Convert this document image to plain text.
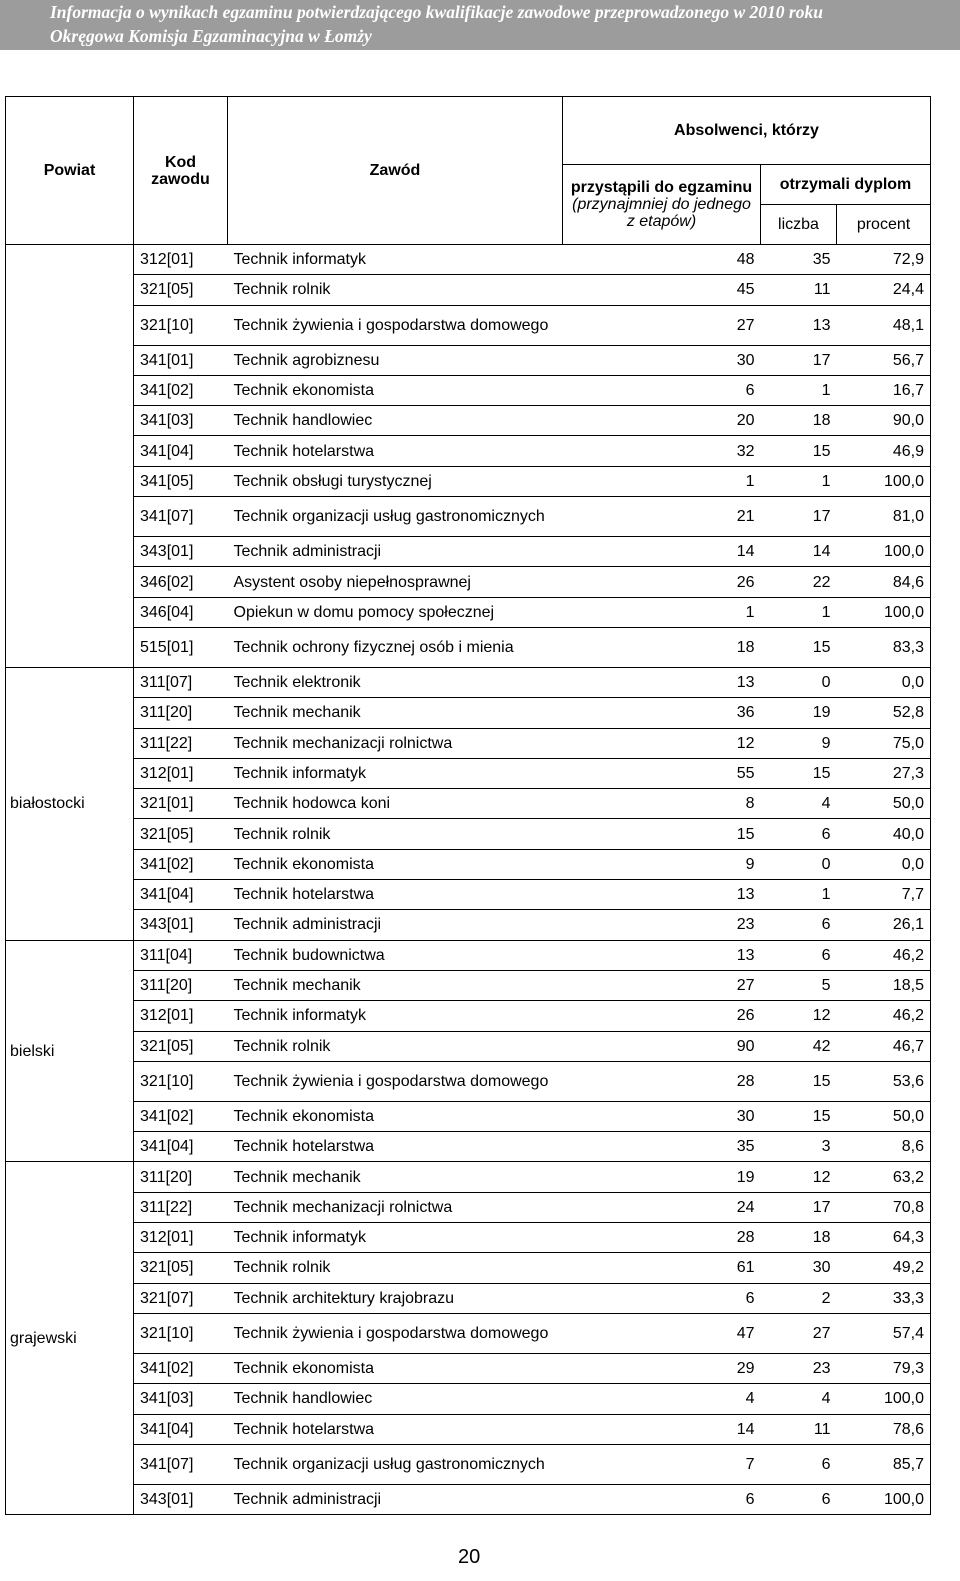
Informacja o wynikach egzaminu potwierdzającego kwalifikacje zawodowe przeprowadzonego w 2010 roku
Okręgowa Komisja Egzaminacyjna w Łomży
Powiat	Kod zawodu	Zawód	Absolwenci, którzy		

			przystąpili do egzaminu
(przynajmniej do jednego z etapów)	otrzymali dyplom	
				liczba	procent
	312[01]	Technik informatyk	48	35	72,9
	321[05]	Technik rolnik	45	11	24,4
	321[10]	Technik żywienia i gospodarstwa domowego	27	13	48,1
	341[01]	Technik agrobiznesu	30	17	56,7
	341[02]	Technik ekonomista	6	1	16,7
	341[03]	Technik handlowiec	20	18	90,0
	341[04]	Technik hotelarstwa	32	15	46,9
	341[05]	Technik obsługi turystycznej	1	1	100,0
	341[07]	Technik organizacji usług gastronomicznych	21	17	81,0
	343[01]	Technik administracji	14	14	100,0
	346[02]	Asystent osoby niepełnosprawnej	26	22	84,6
	346[04]	Opiekun w domu pomocy społecznej	1	1	100,0
	515[01]	Technik ochrony fizycznej osób i mienia	18	15	83,3
białostocki	311[07]	Technik elektronik	13	0	0,0
	311[20]	Technik mechanik	36	19	52,8
	311[22]	Technik mechanizacji rolnictwa	12	9	75,0
	312[01]	Technik informatyk	55	15	27,3
	321[01]	Technik hodowca koni	8	4	50,0
	321[05]	Technik rolnik	15	6	40,0
	341[02]	Technik ekonomista	9	0	0,0
	341[04]	Technik hotelarstwa	13	1	7,7
	343[01]	Technik administracji	23	6	26,1
bielski	311[04]	Technik budownictwa	13	6	46,2
	311[20]	Technik mechanik	27	5	18,5
	312[01]	Technik informatyk	26	12	46,2
	321[05]	Technik rolnik	90	42	46,7
	321[10]	Technik żywienia i gospodarstwa domowego	28	15	53,6
	341[02]	Technik ekonomista	30	15	50,0
	341[04]	Technik hotelarstwa	35	3	8,6
grajewski	311[20]	Technik mechanik	19	12	63,2
	311[22]	Technik mechanizacji rolnictwa	24	17	70,8
	312[01]	Technik informatyk	28	18	64,3
	321[05]	Technik rolnik	61	30	49,2
	321[07]	Technik architektury krajobrazu	6	2	33,3
	321[10]	Technik żywienia i gospodarstwa domowego	47	27	57,4
	341[02]	Technik ekonomista	29	23	79,3
	341[03]	Technik handlowiec	4	4	100,0
	341[04]	Technik hotelarstwa	14	11	78,6
	341[07]	Technik organizacji usług gastronomicznych	7	6	85,7
	343[01]	Technik administracji	6	6	100,0
20
